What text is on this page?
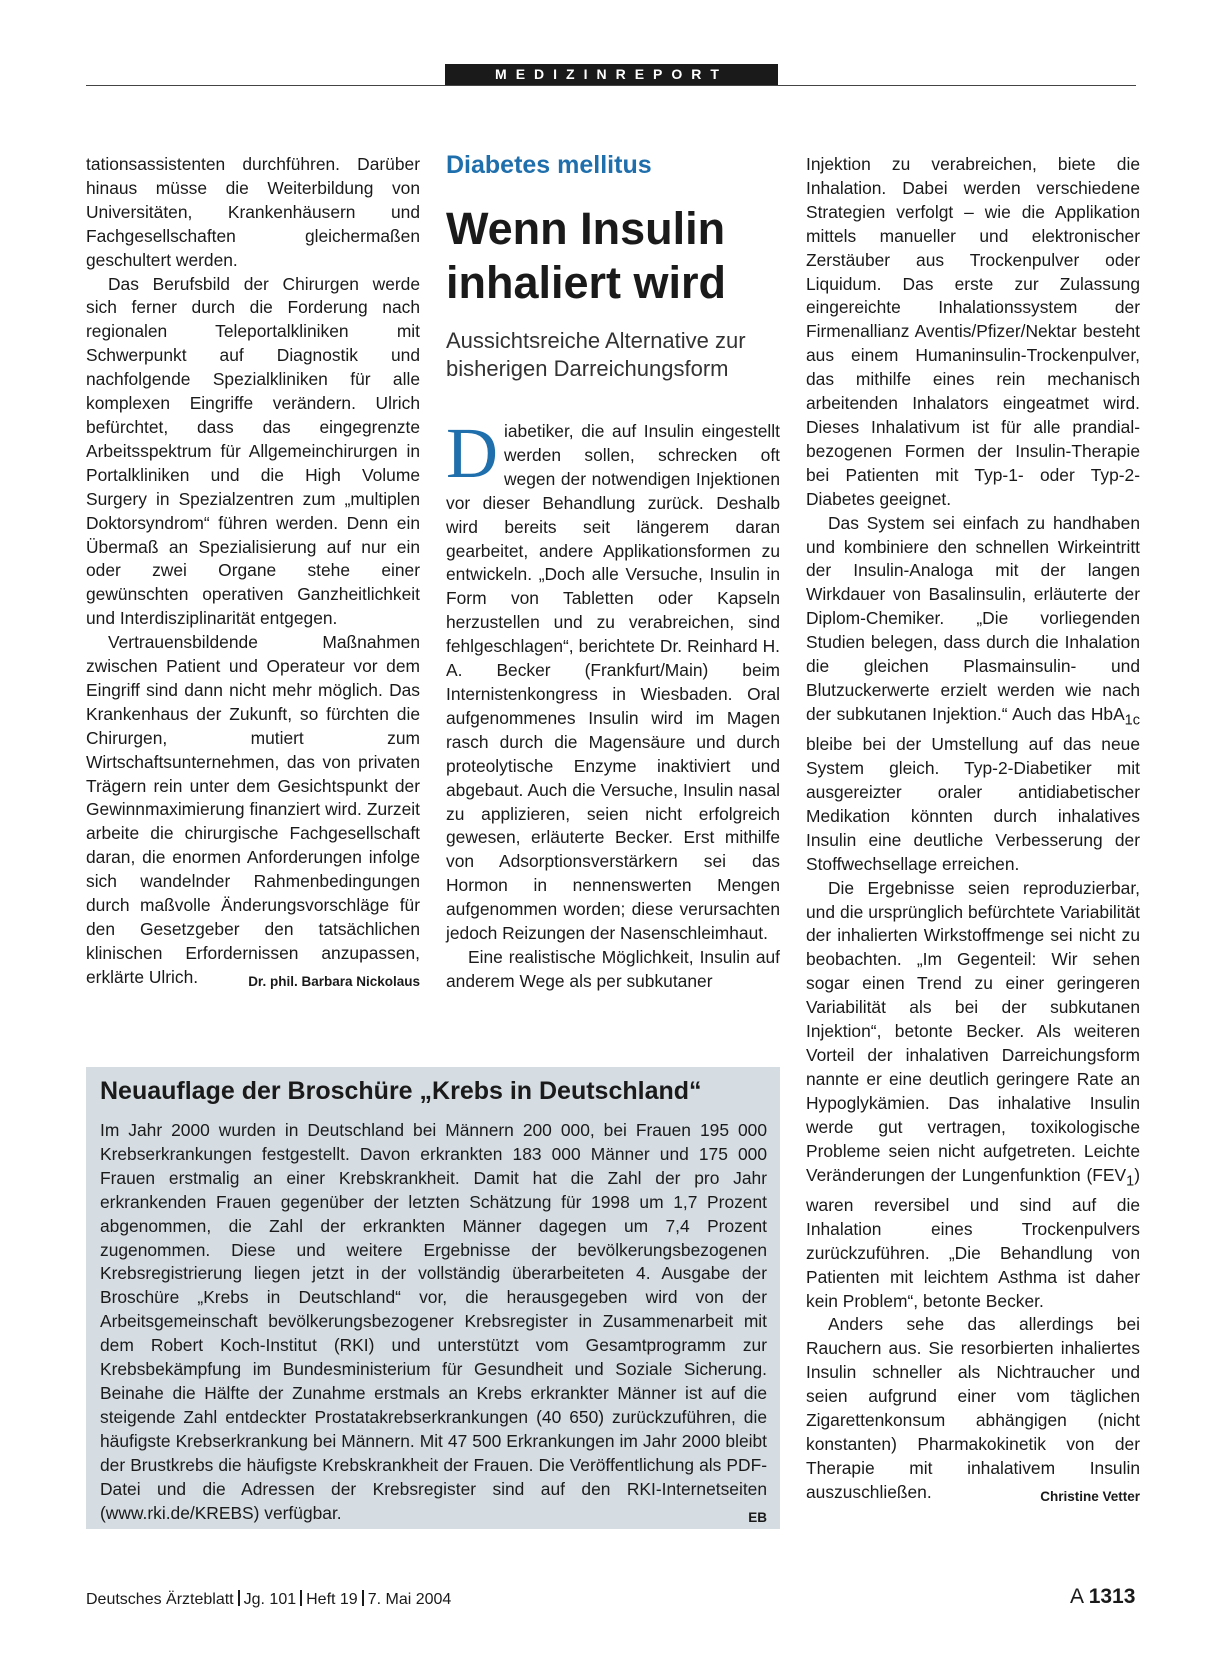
MEDIZINREPORT

tationsassistenten durchführen. Darüber hinaus müsse die Weiterbildung von Universitäten, Krankenhäusern und Fachgesellschaften gleichermaßen geschultert werden.

Das Berufsbild der Chirurgen werde sich ferner durch die Forderung nach regionalen Teleportalkliniken mit Schwerpunkt auf Diagnostik und nachfolgende Spezialkliniken für alle komplexen Eingriffe verändern. Ulrich befürchtet, dass das eingegrenzte Arbeitsspektrum für Allgemeinchirurgen in Portalkliniken und die High Volume Surgery in Spezialzentren zum „multiplen Doktorsyndrom“ führen werden. Denn ein Übermaß an Spezialisierung auf nur ein oder zwei Organe stehe einer gewünschten operativen Ganzheitlichkeit und Interdisziplinarität entgegen.

Vertrauensbildende Maßnahmen zwischen Patient und Operateur vor dem Eingriff sind dann nicht mehr möglich. Das Krankenhaus der Zukunft, so fürchten die Chirurgen, mutiert zum Wirtschaftsunternehmen, das von privaten Trägern rein unter dem Gesichtspunkt der Gewinnmaximierung finanziert wird. Zurzeit arbeite die chirurgische Fachgesellschaft daran, die enormen Anforderungen infolge sich wandelnder Rahmenbedingungen durch maßvolle Änderungsvorschläge für den Gesetzgeber den tatsächlichen klinischen Erfordernissen anzupassen, erklärte Ulrich.	Dr. phil. Barbara Nickolaus

Diabetes mellitus
Wenn Insulin inhaliert wird
Aussichtsreiche Alternative zur bisherigen Darreichungsform

Diabetiker, die auf Insulin eingestellt werden sollen, schrecken oft wegen der notwendigen Injektionen vor dieser Behandlung zurück. Deshalb wird bereits seit längerem daran gearbeitet, andere Applikationsformen zu entwickeln. „Doch alle Versuche, Insulin in Form von Tabletten oder Kapseln herzustellen und zu verabreichen, sind fehlgeschlagen“, berichtete Dr. Reinhard H. A. Becker (Frankfurt/Main) beim Internistenkongress in Wiesbaden. Oral aufgenommenes Insulin wird im Magen rasch durch die Magensäure und durch proteolytische Enzyme inaktiviert und abgebaut. Auch die Versuche, Insulin nasal zu applizieren, seien nicht erfolgreich gewesen, erläuterte Becker. Erst mithilfe von Adsorptionsverstärkern sei das Hormon in nennenswerten Mengen aufgenommen worden; diese verursachten jedoch Reizungen der Nasenschleimhaut.

Eine realistische Möglichkeit, Insulin auf anderem Wege als per subkutaner

Injektion zu verabreichen, biete die Inhalation. Dabei werden verschiedene Strategien verfolgt – wie die Applikation mittels manueller und elektronischer Zerstäuber aus Trockenpulver oder Liquidum. Das erste zur Zulassung eingereichte Inhalationssystem der Firmenallianz Aventis/Pfizer/Nektar besteht aus einem Humaninsulin-Trockenpulver, das mithilfe eines rein mechanisch arbeitenden Inhalators eingeatmet wird. Dieses Inhalativum ist für alle prandial-bezogenen Formen der Insulin-Therapie bei Patienten mit Typ-1- oder Typ-2-Diabetes geeignet.

Das System sei einfach zu handhaben und kombiniere den schnellen Wirkeintritt der Insulin-Analoga mit der langen Wirkdauer von Basalinsulin, erläuterte der Diplom-Chemiker. „Die vorliegenden Studien belegen, dass durch die Inhalation die gleichen Plasmainsulin- und Blutzuckerwerte erzielt werden wie nach der subkutanen Injektion.“ Auch das HbA$_{1c}$ bleibe bei der Umstellung auf das neue System gleich. Typ-2-Diabetiker mit ausgereizter oraler antidiabetischer Medikation könnten durch inhalatives Insulin eine deutliche Verbesserung der Stoffwechsellage erreichen.

Die Ergebnisse seien reproduzierbar, und die ursprünglich befürchtete Variabilität der inhalierten Wirkstoffmenge sei nicht zu beobachten. „Im Gegenteil: Wir sehen sogar einen Trend zu einer geringeren Variabilität als bei der subkutanen Injektion“, betonte Becker. Als weiteren Vorteil der inhalativen Darreichungsform nannte er eine deutlich geringere Rate an Hypoglykämien. Das inhalative Insulin werde gut vertragen, toxikologische Probleme seien nicht aufgetreten. Leichte Veränderungen der Lungenfunktion $(FEV_1)$ waren reversibel und sind auf die Inhalation eines Trockenpulvers zurückzuführen. „Die Behandlung von Patienten mit leichtem Asthma ist daher kein Problem“, betonte Becker.

Anders sehe das allerdings bei Rauchern aus. Sie resorbierten inhaliertes Insulin schneller als Nichtraucher und seien aufgrund einer vom täglichen Zigarettenkonsum abhängigen (nicht konstanten) Pharmakokinetik von der Therapie mit inhalativem Insulin auszuschließen.	Christine Vetter

Neuauflage der Broschüre „Krebs in Deutschland“
Im Jahr 2000 wurden in Deutschland bei Männern 200 000, bei Frauen 195 000 Krebserkrankungen festgestellt. Davon erkrankten 183 000 Männer und 175 000 Frauen erstmalig an einer Krebskrankheit. Damit hat die Zahl der pro Jahr erkrankenden Frauen gegenüber der letzten Schätzung für 1998 um 1,7 Prozent abgenommen, die Zahl der erkrankten Männer dagegen um 7,4 Prozent zugenommen. Diese und weitere Ergebnisse der bevölkerungsbezogenen Krebsregistrierung liegen jetzt in der vollständig überarbeiteten 4. Ausgabe der Broschüre „Krebs in Deutschland“ vor, die herausgegeben wird von der Arbeitsgemeinschaft bevölkerungsbezogener Krebsregister in Zusammenarbeit mit dem Robert Koch-Institut (RKI) und unterstützt vom Gesamtprogramm zur Krebsbekämpfung im Bundesministerium für Gesundheit und Soziale Sicherung. Beinahe die Hälfte der Zunahme erstmals an Krebs erkrankter Männer ist auf die steigende Zahl entdeckter Prostatakrebserkrankungen (40 650) zurückzuführen, die häufigste Krebserkrankung bei Männern. Mit 47 500 Erkrankungen im Jahr 2000 bleibt der Brustkrebs die häufigste Krebskrankheit der Frauen. Die Veröffentlichung als PDF-Datei und die Adressen der Krebsregister sind auf den RKI-Internetseiten (www.rki.de/KREBS) verfügbar.	EB
Deutsches Ärzteblatt Jg. 101 Heft 19 7. Mai 2004	A 1313
